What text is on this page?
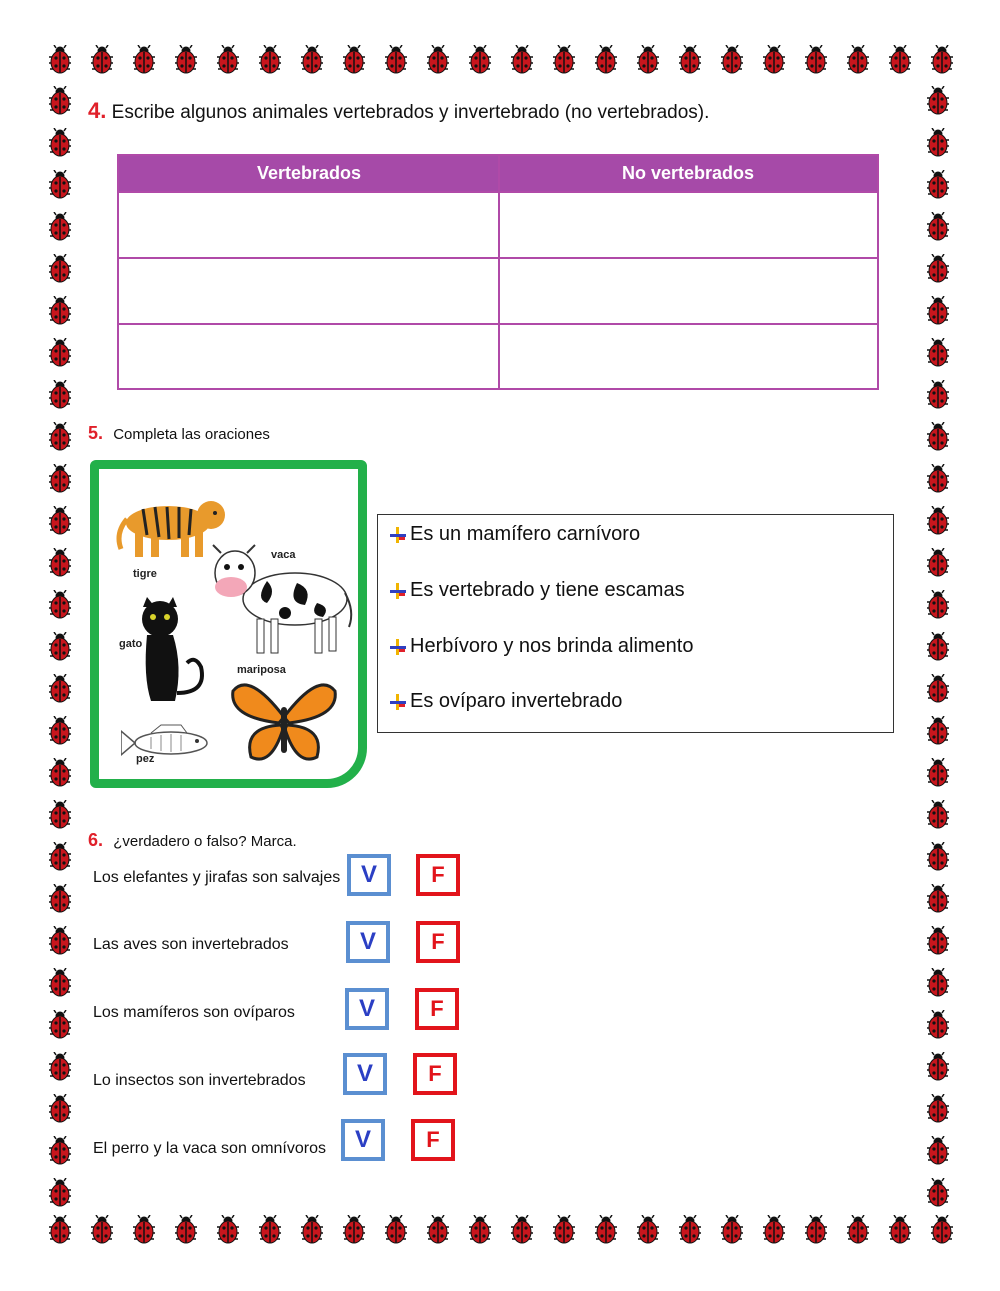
4. Escribe algunos animales vertebrados y invertebrado (no vertebrados).
Vertebrados	No vertebrados
5. Completa las oraciones
tigre
vaca
gato
mariposa
pez
Es un mamífero carnívoro
Es vertebrado y tiene escamas
Herbívoro y nos brinda alimento
Es ovíparo invertebrado
6. ¿verdadero o falso? Marca.
Los elefantes y jirafas son salvajes V	F
Las aves son invertebrados	V	F
Los mamíferos son ovíparos	V	F
Lo insectos son invertebrados	V	F
El perro y la vaca son omnívoros	V	F
